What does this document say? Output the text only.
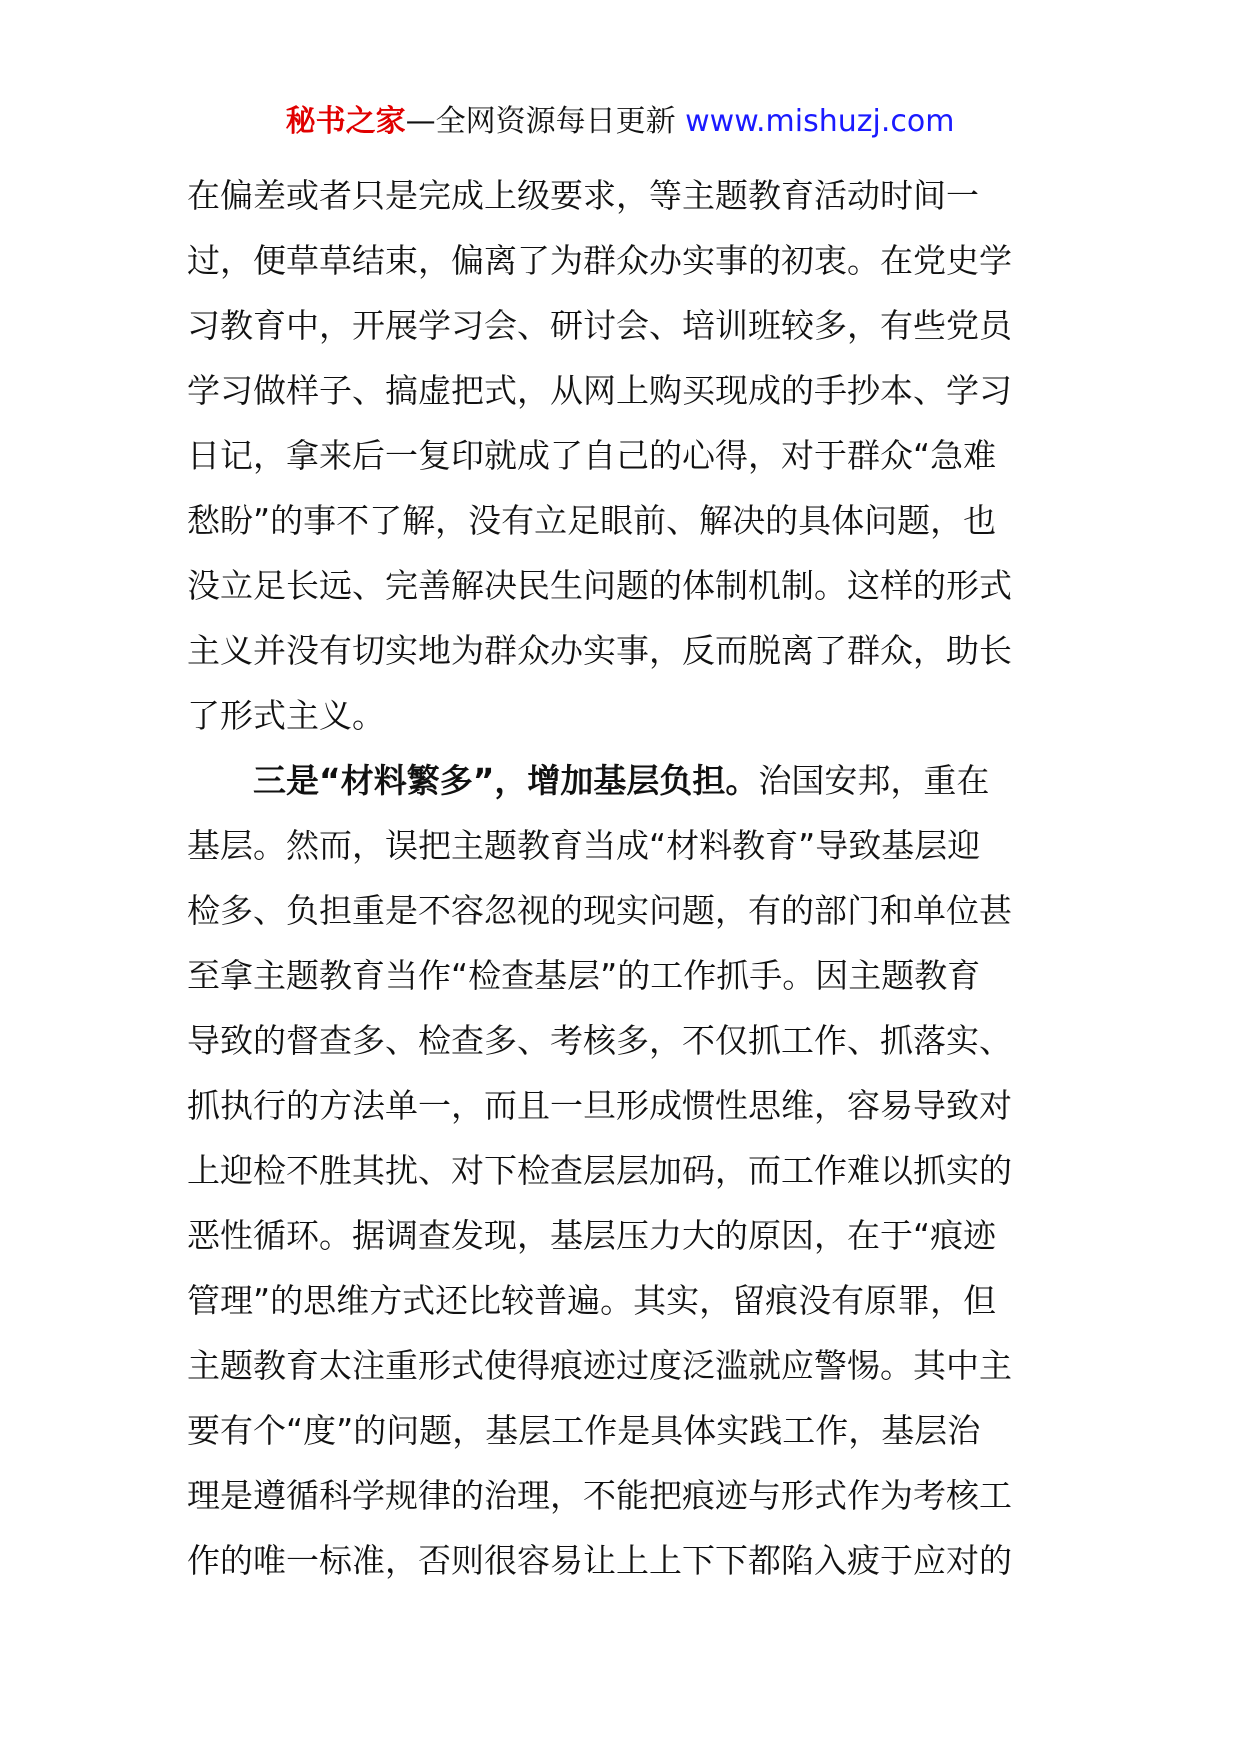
秘书之家—全网资源每日更新 www.mishuzj.com
在偏差或者只是完成上级要求，等主题教育活动时间一
过，便草草结束，偏离了为群众办实事的初衷。在党史学
习教育中，开展学习会、研讨会、培训班较多，有些党员
学习做样子、搞虚把式，从网上购买现成的手抄本、学习
日记，拿来后一复印就成了自己的心得，对于群众“急难
愁盼”的事不了解，没有立足眼前、解决的具体问题，也
没立足长远、完善解决民生问题的体制机制。这样的形式
主义并没有切实地为群众办实事，反而脱离了群众，助长
了形式主义。
三是“材料繁多”，增加基层负担。治国安邦，重在
基层。然而，误把主题教育当成“材料教育”导致基层迎
检多、负担重是不容忽视的现实问题，有的部门和单位甚
至拿主题教育当作“检查基层”的工作抓手。因主题教育
导致的督查多、检查多、考核多，不仅抓工作、抓落实、
抓执行的方法单一，而且一旦形成惯性思维，容易导致对
上迎检不胜其扰、对下检查层层加码，而工作难以抓实的
恶性循环。据调查发现，基层压力大的原因，在于“痕迹
管理”的思维方式还比较普遍。其实，留痕没有原罪，但
主题教育太注重形式使得痕迹过度泛滥就应警惕。其中主
要有个“度”的问题，基层工作是具体实践工作，基层治
理是遵循科学规律的治理，不能把痕迹与形式作为考核工
作的唯一标准，否则很容易让上上下下都陷入疲于应对的
